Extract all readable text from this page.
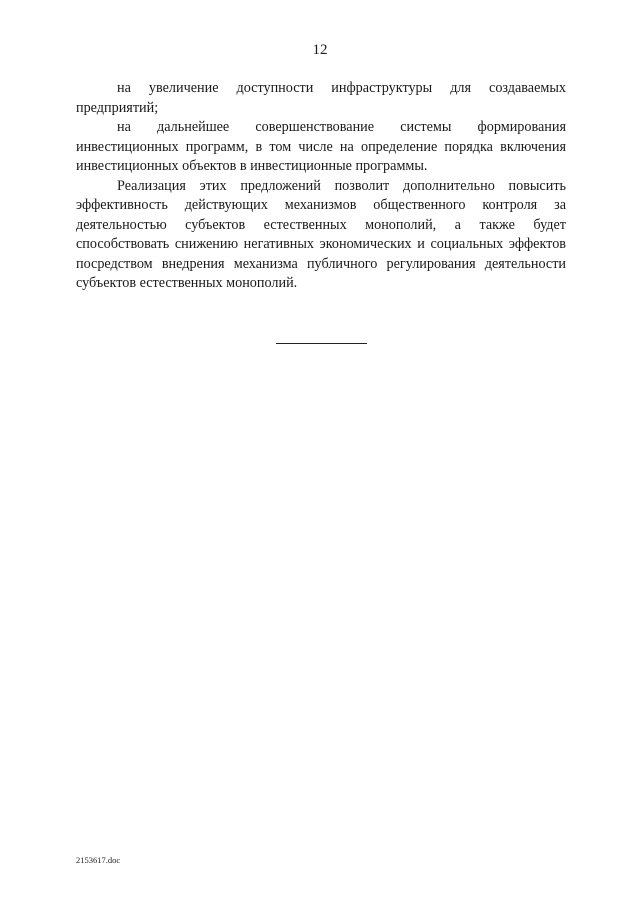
12

на увеличение доступности инфраструктуры для создаваемых предприятий;

на дальнейшее совершенствование системы формирования инвестиционных программ, в том числе на определение порядка включения инвестиционных объектов в инвестиционные программы.

Реализация этих предложений позволит дополнительно повысить эффективность действующих механизмов общественного контроля за деятельностью субъектов естественных монополий, а также будет способствовать снижению негативных экономических и социальных эффектов посредством внедрения механизма публичного регулирования деятельности субъектов естественных монополий.

2153617.doc
